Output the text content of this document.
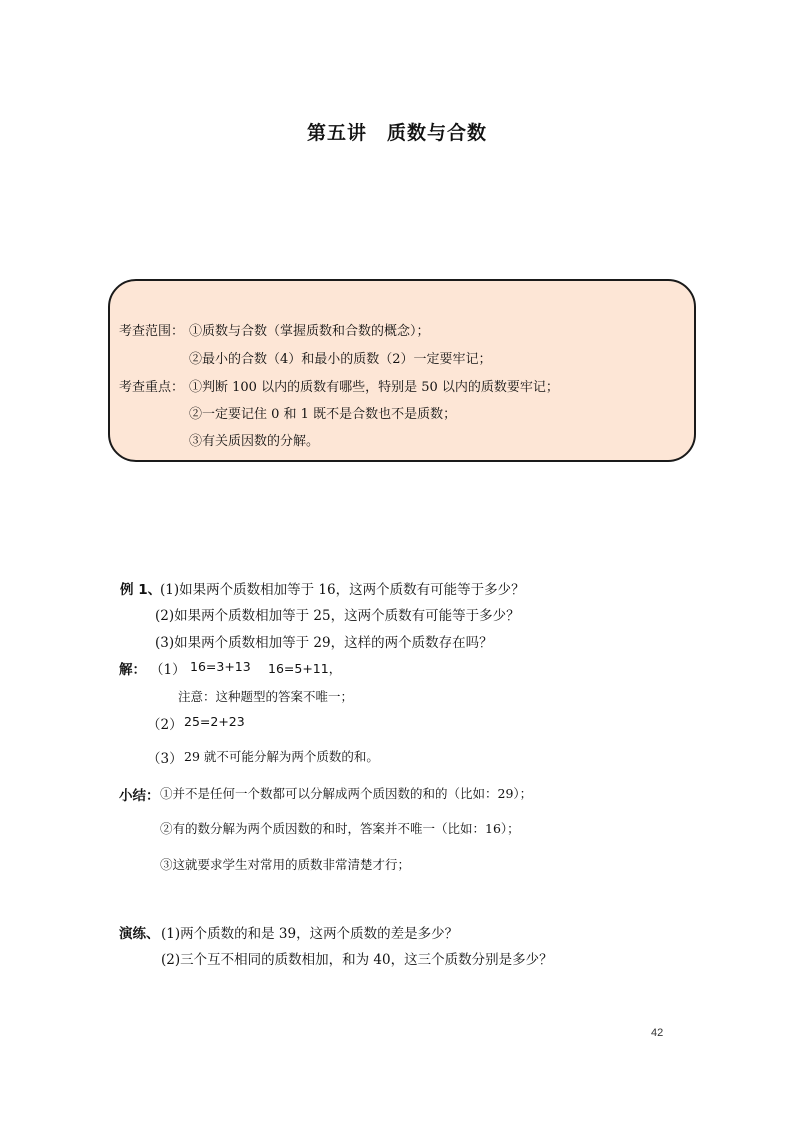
第五讲　质数与合数
考查范围： ①质数与合数（掌握质数和合数的概念）；
②最小的合数（4）和最小的质数（2）一定要牢记；
考查重点： ①判断 100 以内的质数有哪些，特别是 50 以内的质数要牢记；
②一定要记住 0 和 1 既不是合数也不是质数；
③有关质因数的分解。
例 1、
(1)如果两个质数相加等于 16，这两个质数有可能等于多少？
(2)如果两个质数相加等于 25，这两个质数有可能等于多少？
(3)如果两个质数相加等于 29，这样的两个质数存在吗？
解： （1） 16=3+13 16=5+11，
注意：这种题型的答案不唯一；
（2） 25=2+23
（3） 29 就不可能分解为两个质数的和。
小结： ①并不是任何一个数都可以分解成两个质因数的和的（比如：29）；
②有的数分解为两个质因数的和时，答案并不唯一（比如：16）；
③这就要求学生对常用的质数非常清楚才行；
演练、 (1)两个质数的和是 39，这两个质数的差是多少？
(2)三个互不相同的质数相加，和为 40，这三个质数分别是多少？
42
